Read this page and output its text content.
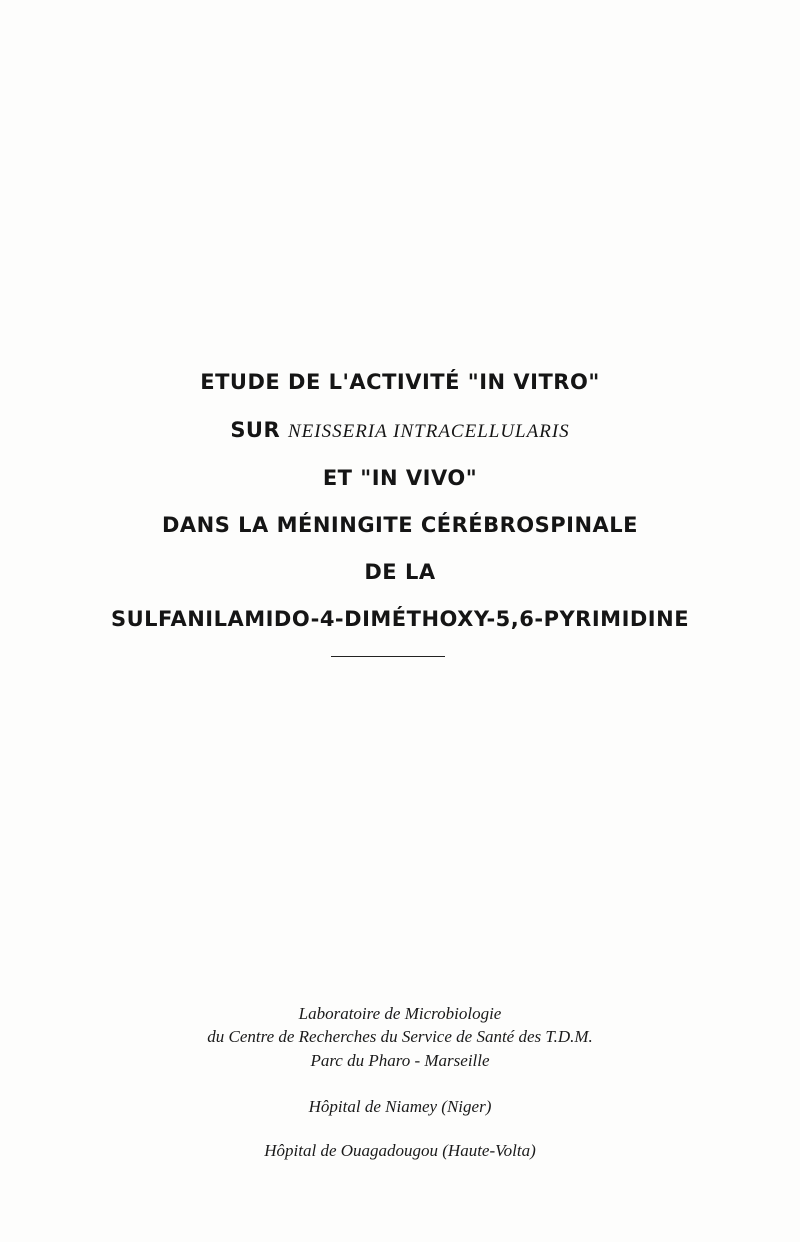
ETUDE DE L'ACTIVITÉ "IN VITRO"
SUR NEISSERIA INTRACELLULARIS
ET "IN VIVO"
DANS LA MÉNINGITE CÉRÉBROSPINALE
DE LA
SULFANILAMIDO-4-DIMÉTHOXY-5,6-PYRIMIDINE
Laboratoire de Microbiologie
du Centre de Recherches du Service de Santé des T.D.M.
Parc du Pharo - Marseille
Hôpital de Niamey (Niger)
Hôpital de Ouagadougou (Haute-Volta)
